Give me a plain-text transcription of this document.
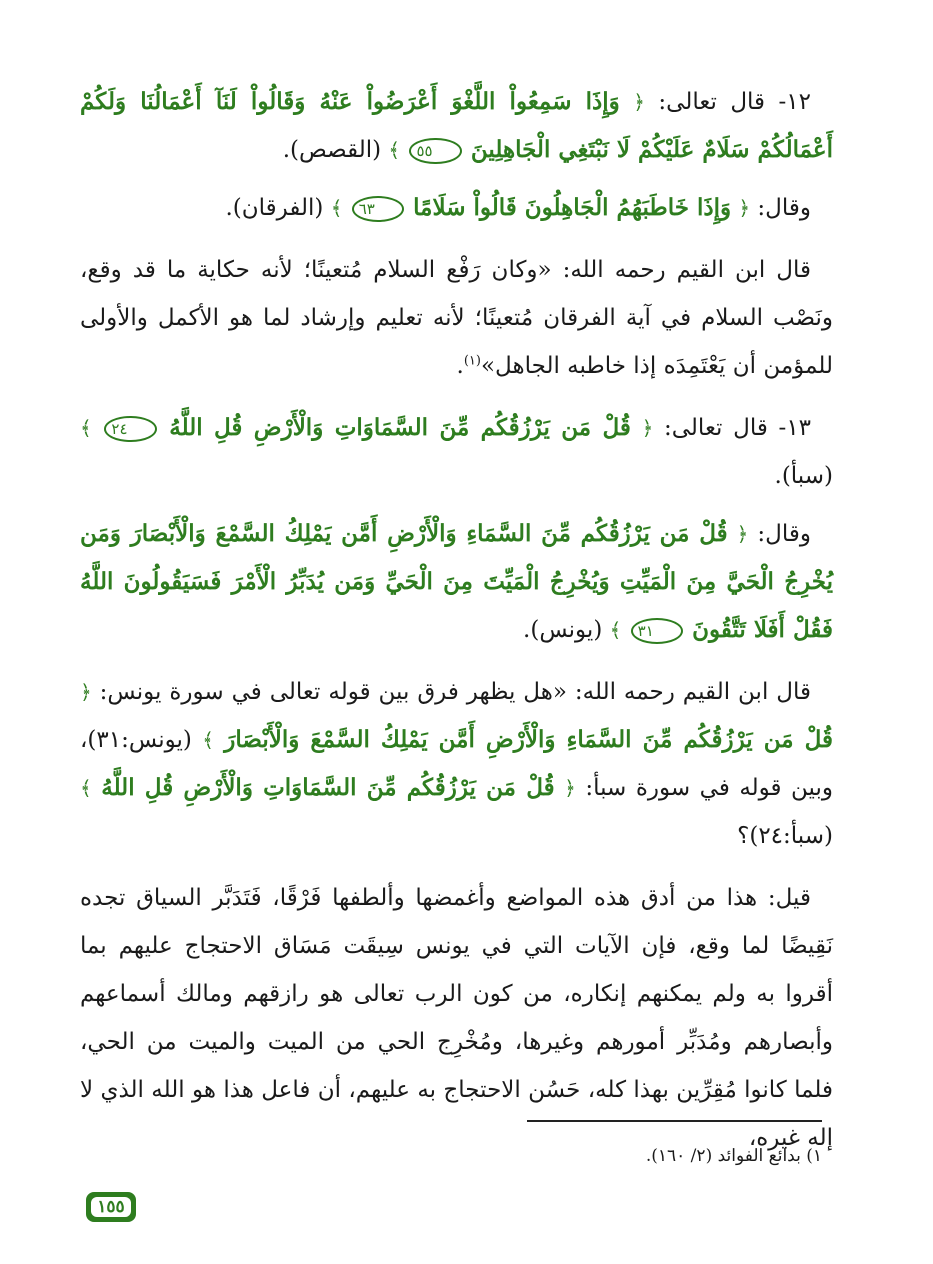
١٢- قال تعالى: ﴿ وَإِذَا سَمِعُواْ اللَّغْوَ أَعْرَضُواْ عَنْهُ وَقَالُواْ لَنَآ أَعْمَالُنَا وَلَكُمْ أَعْمَالُكُمْ سَلَامٌ عَلَيْكُمْ لَا نَبْتَغِي الْجَاهِلِينَ ٥٥ ﴾ (القصص).

وقال: ﴿ وَإِذَا خَاطَبَهُمُ الْجَاهِلُونَ قَالُواْ سَلَامًا ٦٣ ﴾ (الفرقان).

قال ابن القيم رحمه الله: «وكان رَفْع السلام مُتعينًا؛ لأنه حكاية ما قد وقع، ونَصْب السلام في آية الفرقان مُتعينًا؛ لأنه تعليم وإرشاد لما هو الأكمل والأولى للمؤمن أن يَعْتَمِدَه إذا خاطبه الجاهل»$^{(١)}$.

١٣- قال تعالى: ﴿ قُلْ مَن يَرْزُقُكُم مِّنَ السَّمَاوَاتِ وَالْأَرْضِ قُلِ اللَّهُ ٢٤ ﴾ (سبأ).

وقال: ﴿ قُلْ مَن يَرْزُقُكُم مِّنَ السَّمَاءِ وَالْأَرْضِ أَمَّن يَمْلِكُ السَّمْعَ وَالْأَبْصَارَ وَمَن يُخْرِجُ الْحَيَّ مِنَ الْمَيِّتِ وَيُخْرِجُ الْمَيِّتَ مِنَ الْحَيِّ وَمَن يُدَبِّرُ الْأَمْرَ فَسَيَقُولُونَ اللَّهُ فَقُلْ أَفَلَا تَتَّقُونَ ٣١ ﴾ (يونس).

قال ابن القيم رحمه الله: «هل يظهر فرق بين قوله تعالى في سورة يونس: ﴿ قُلْ مَن يَرْزُقُكُم مِّنَ السَّمَاءِ وَالْأَرْضِ أَمَّن يَمْلِكُ السَّمْعَ وَالْأَبْصَارَ ﴾ (يونس:٣١)، وبين قوله في سورة سبأ: ﴿ قُلْ مَن يَرْزُقُكُم مِّنَ السَّمَاوَاتِ وَالْأَرْضِ قُلِ اللَّهُ ﴾ (سبأ:٢٤)؟

قيل: هذا من أدق هذه المواضع وأغمضها وألطفها فَرْقًا، فَتَدَبَّر السياق تجده نَقِيضًا لما وقع، فإن الآيات التي في يونس سِيقَت مَسَاق الاحتجاج عليهم بما أقروا به ولم يمكنهم إنكاره، من كون الرب تعالى هو رازقهم ومالك أسماعهم وأبصارهم ومُدَبِّر أمورهم وغيرها، ومُخْرِج الحي من الميت والميت من الحي، فلما كانوا مُقِرِّين بهذا كله، حَسُن الاحتجاج به عليهم، أن فاعل هذا هو الله الذي لا إله غيره،

١) بدائع الفوائد (٢/ ١٦٠).
١٥٥
